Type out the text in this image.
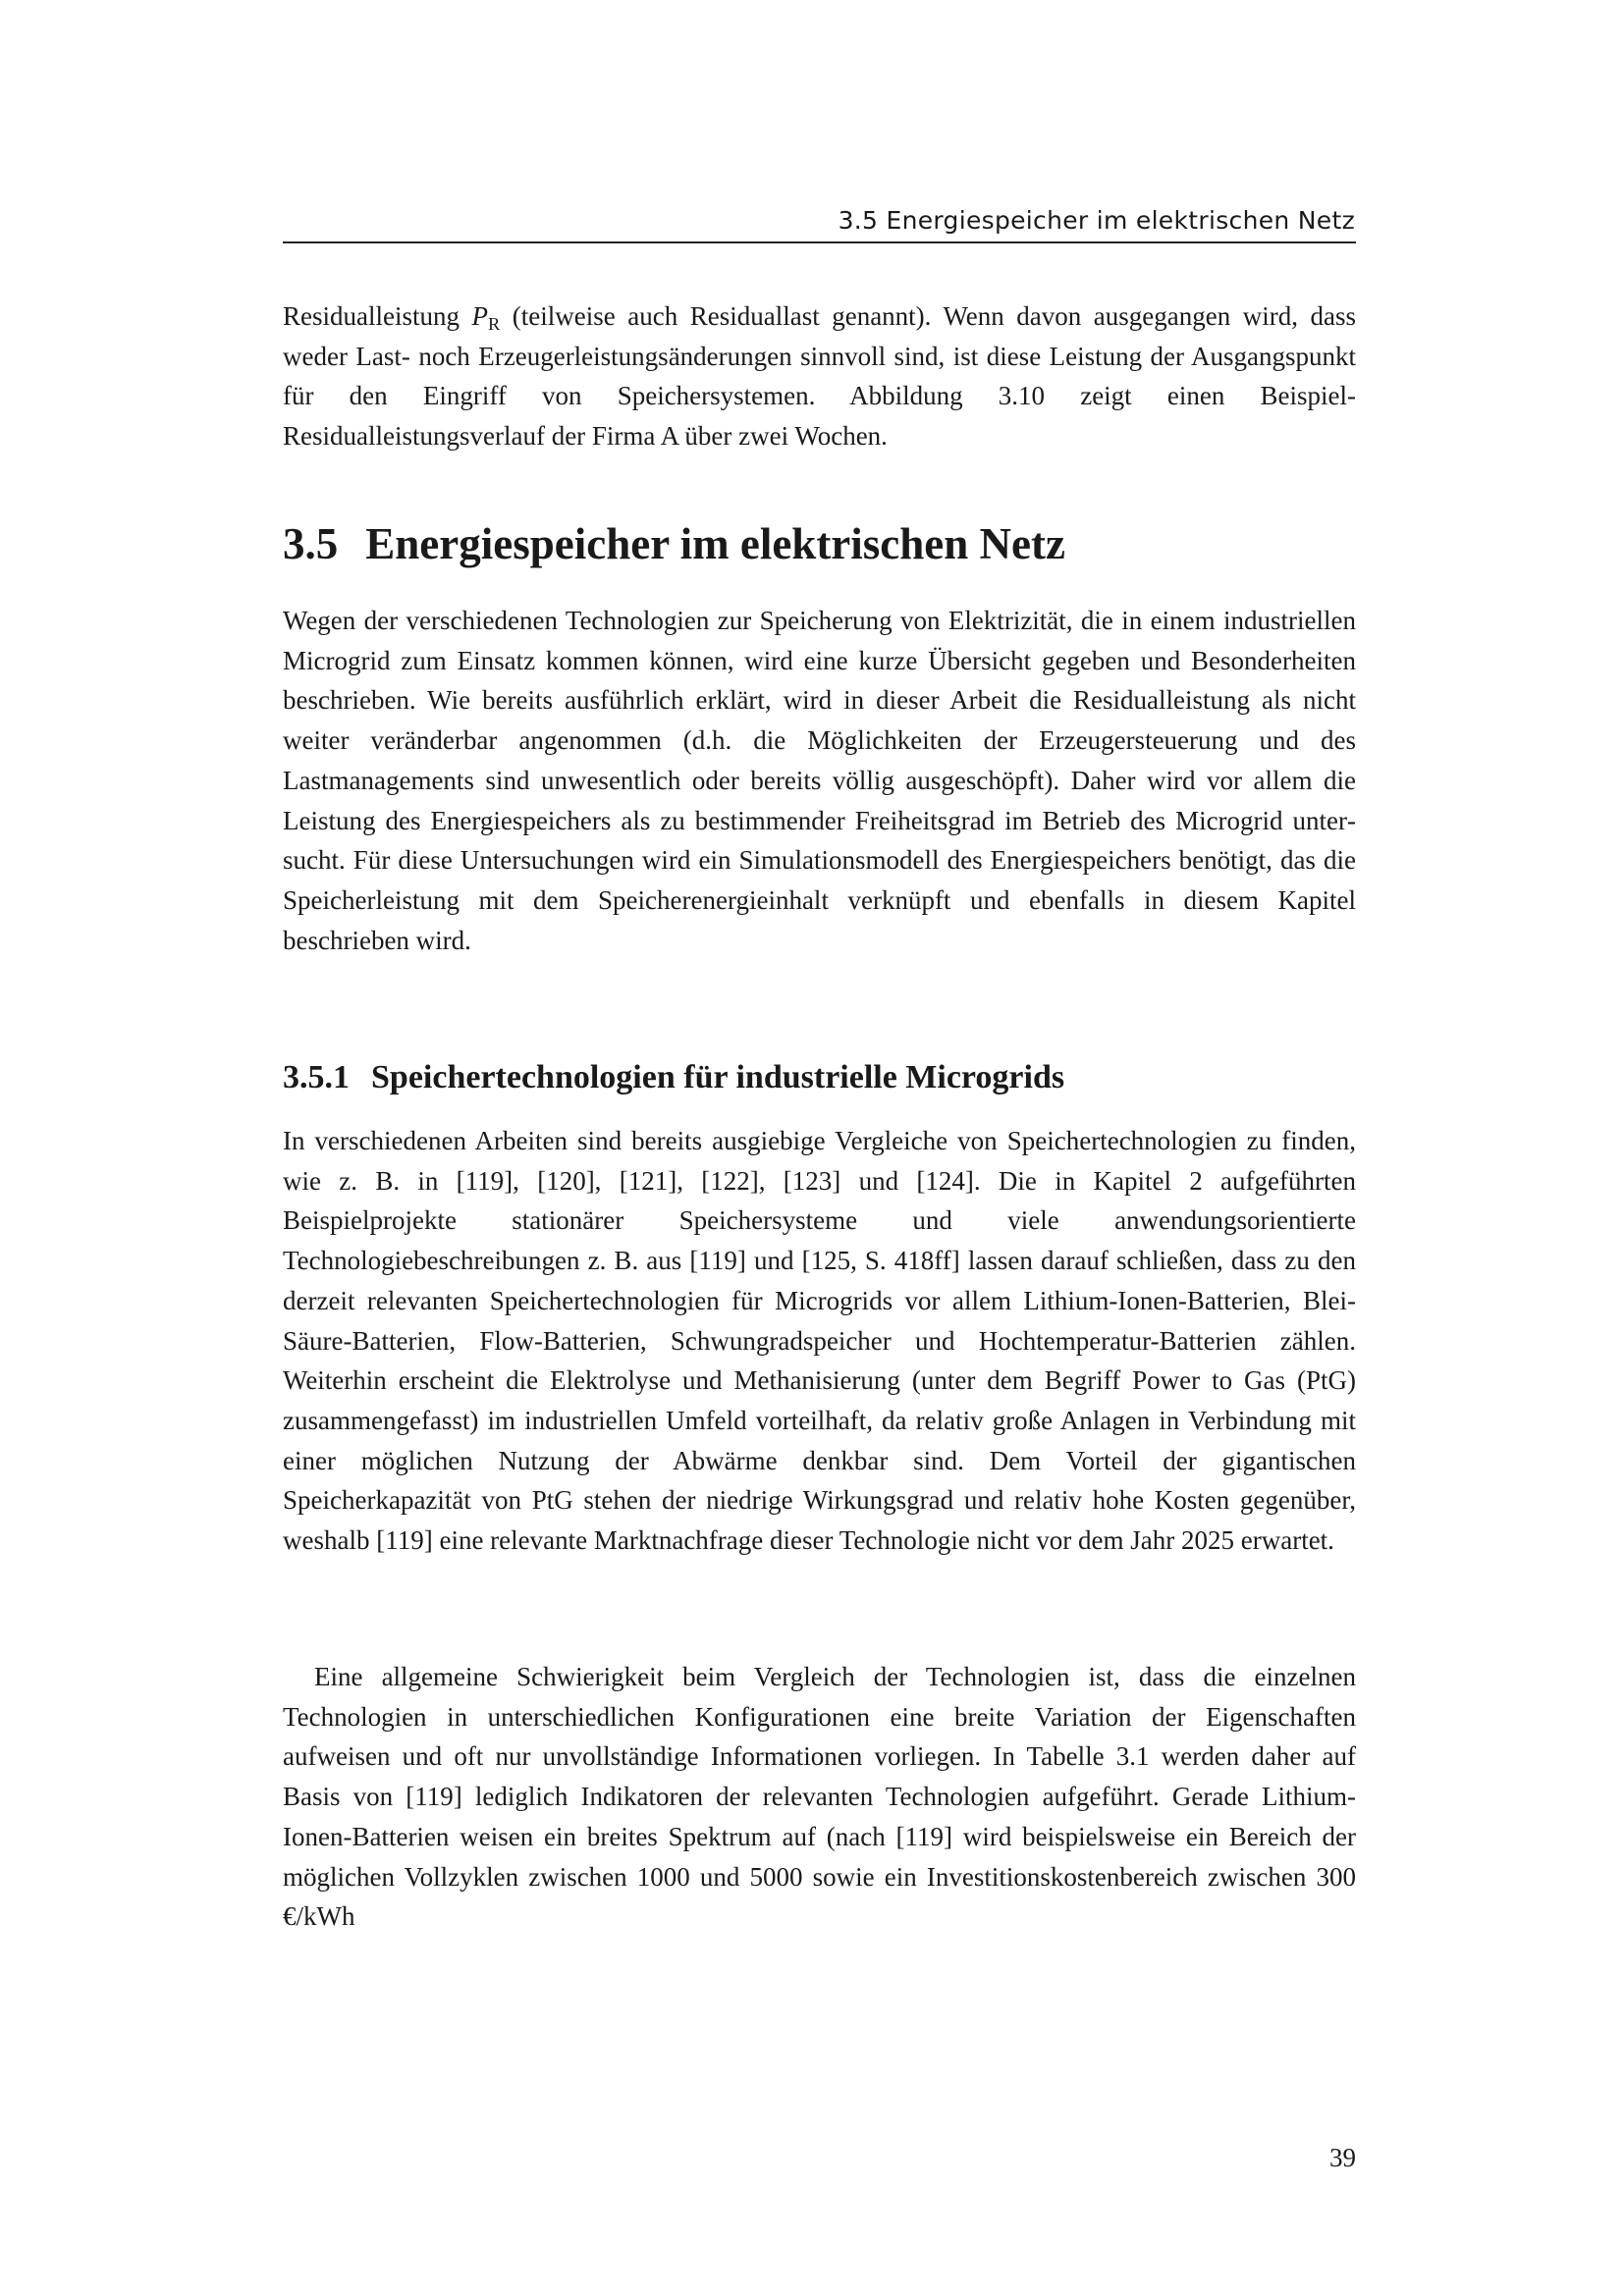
3.5 Energiespeicher im elektrischen Netz

Residualleistung $P_R$ (teilweise auch Residuallast genannt). Wenn davon ausgegangen wird, dass weder Last- noch Erzeugerleistungsänderungen sinnvoll sind, ist diese Leistung der Ausgangspunkt für den Eingriff von Speichersystemen. Abbildung 3.10 zeigt einen Beispiel-Residualleistungsverlauf der Firma A über zwei Wochen.

3.5 Energiespeicher im elektrischen Netz

Wegen der verschiedenen Technologien zur Speicherung von Elektrizität, die in einem industriellen Microgrid zum Einsatz kommen können, wird eine kurze Übersicht gegeben und Besonderheiten beschrieben. Wie bereits ausführlich erklärt, wird in dieser Arbeit die Residualleistung als nicht weiter veränderbar angenommen (d.h. die Möglichkeiten der Erzeugersteuerung und des Lastmanagements sind unwesentlich oder bereits völlig ausgeschöpft). Daher wird vor allem die Leistung des Energiespeichers als zu bestimmender Freiheitsgrad im Betrieb des Microgrid untersucht. Für diese Untersuchungen wird ein Simulationsmodell des Energiespeichers benötigt, das die Speicherleistung mit dem Speicherenergieinhalt verknüpft und ebenfalls in diesem Kapitel beschrieben wird.

3.5.1 Speichertechnologien für industrielle Microgrids

In verschiedenen Arbeiten sind bereits ausgiebige Vergleiche von Speichertechnologien zu finden, wie z. B. in [119], [120], [121], [122], [123] und [124]. Die in Kapitel 2 aufgeführten Beispielprojekte stationärer Speichersysteme und viele anwendungsorientierte Technologiebeschreibungen z. B. aus [119] und [125, S. 418ff] lassen darauf schließen, dass zu den derzeit relevanten Speichertechnologien für Microgrids vor allem Lithium-Ionen-Batterien, Blei-Säure-Batterien, Flow-Batterien, Schwungradspeicher und Hochtemperatur-Batterien zählen. Weiterhin erscheint die Elektrolyse und Methanisierung (unter dem Begriff Power to Gas (PtG) zusammengefasst) im industriellen Umfeld vorteilhaft, da relativ große Anlagen in Verbindung mit einer möglichen Nutzung der Abwärme denkbar sind. Dem Vorteil der gigantischen Speicherkapazität von PtG stehen der niedrige Wirkungsgrad und relativ hohe Kosten gegenüber, weshalb [119] eine relevante Marktnachfrage dieser Technologie nicht vor dem Jahr 2025 erwartet.

Eine allgemeine Schwierigkeit beim Vergleich der Technologien ist, dass die einzelnen Technologien in unterschiedlichen Konfigurationen eine breite Variation der Eigenschaften aufweisen und oft nur unvollständige Informationen vorliegen. In Tabelle 3.1 werden daher auf Basis von [119] lediglich Indikatoren der relevanten Technologien aufgeführt. Gerade Lithium-Ionen-Batterien weisen ein breites Spektrum auf (nach [119] wird beispielsweise ein Bereich der möglichen Vollzyklen zwischen 1000 und 5000 sowie ein Investitionskostenbereich zwischen 300 €/kWh

39
